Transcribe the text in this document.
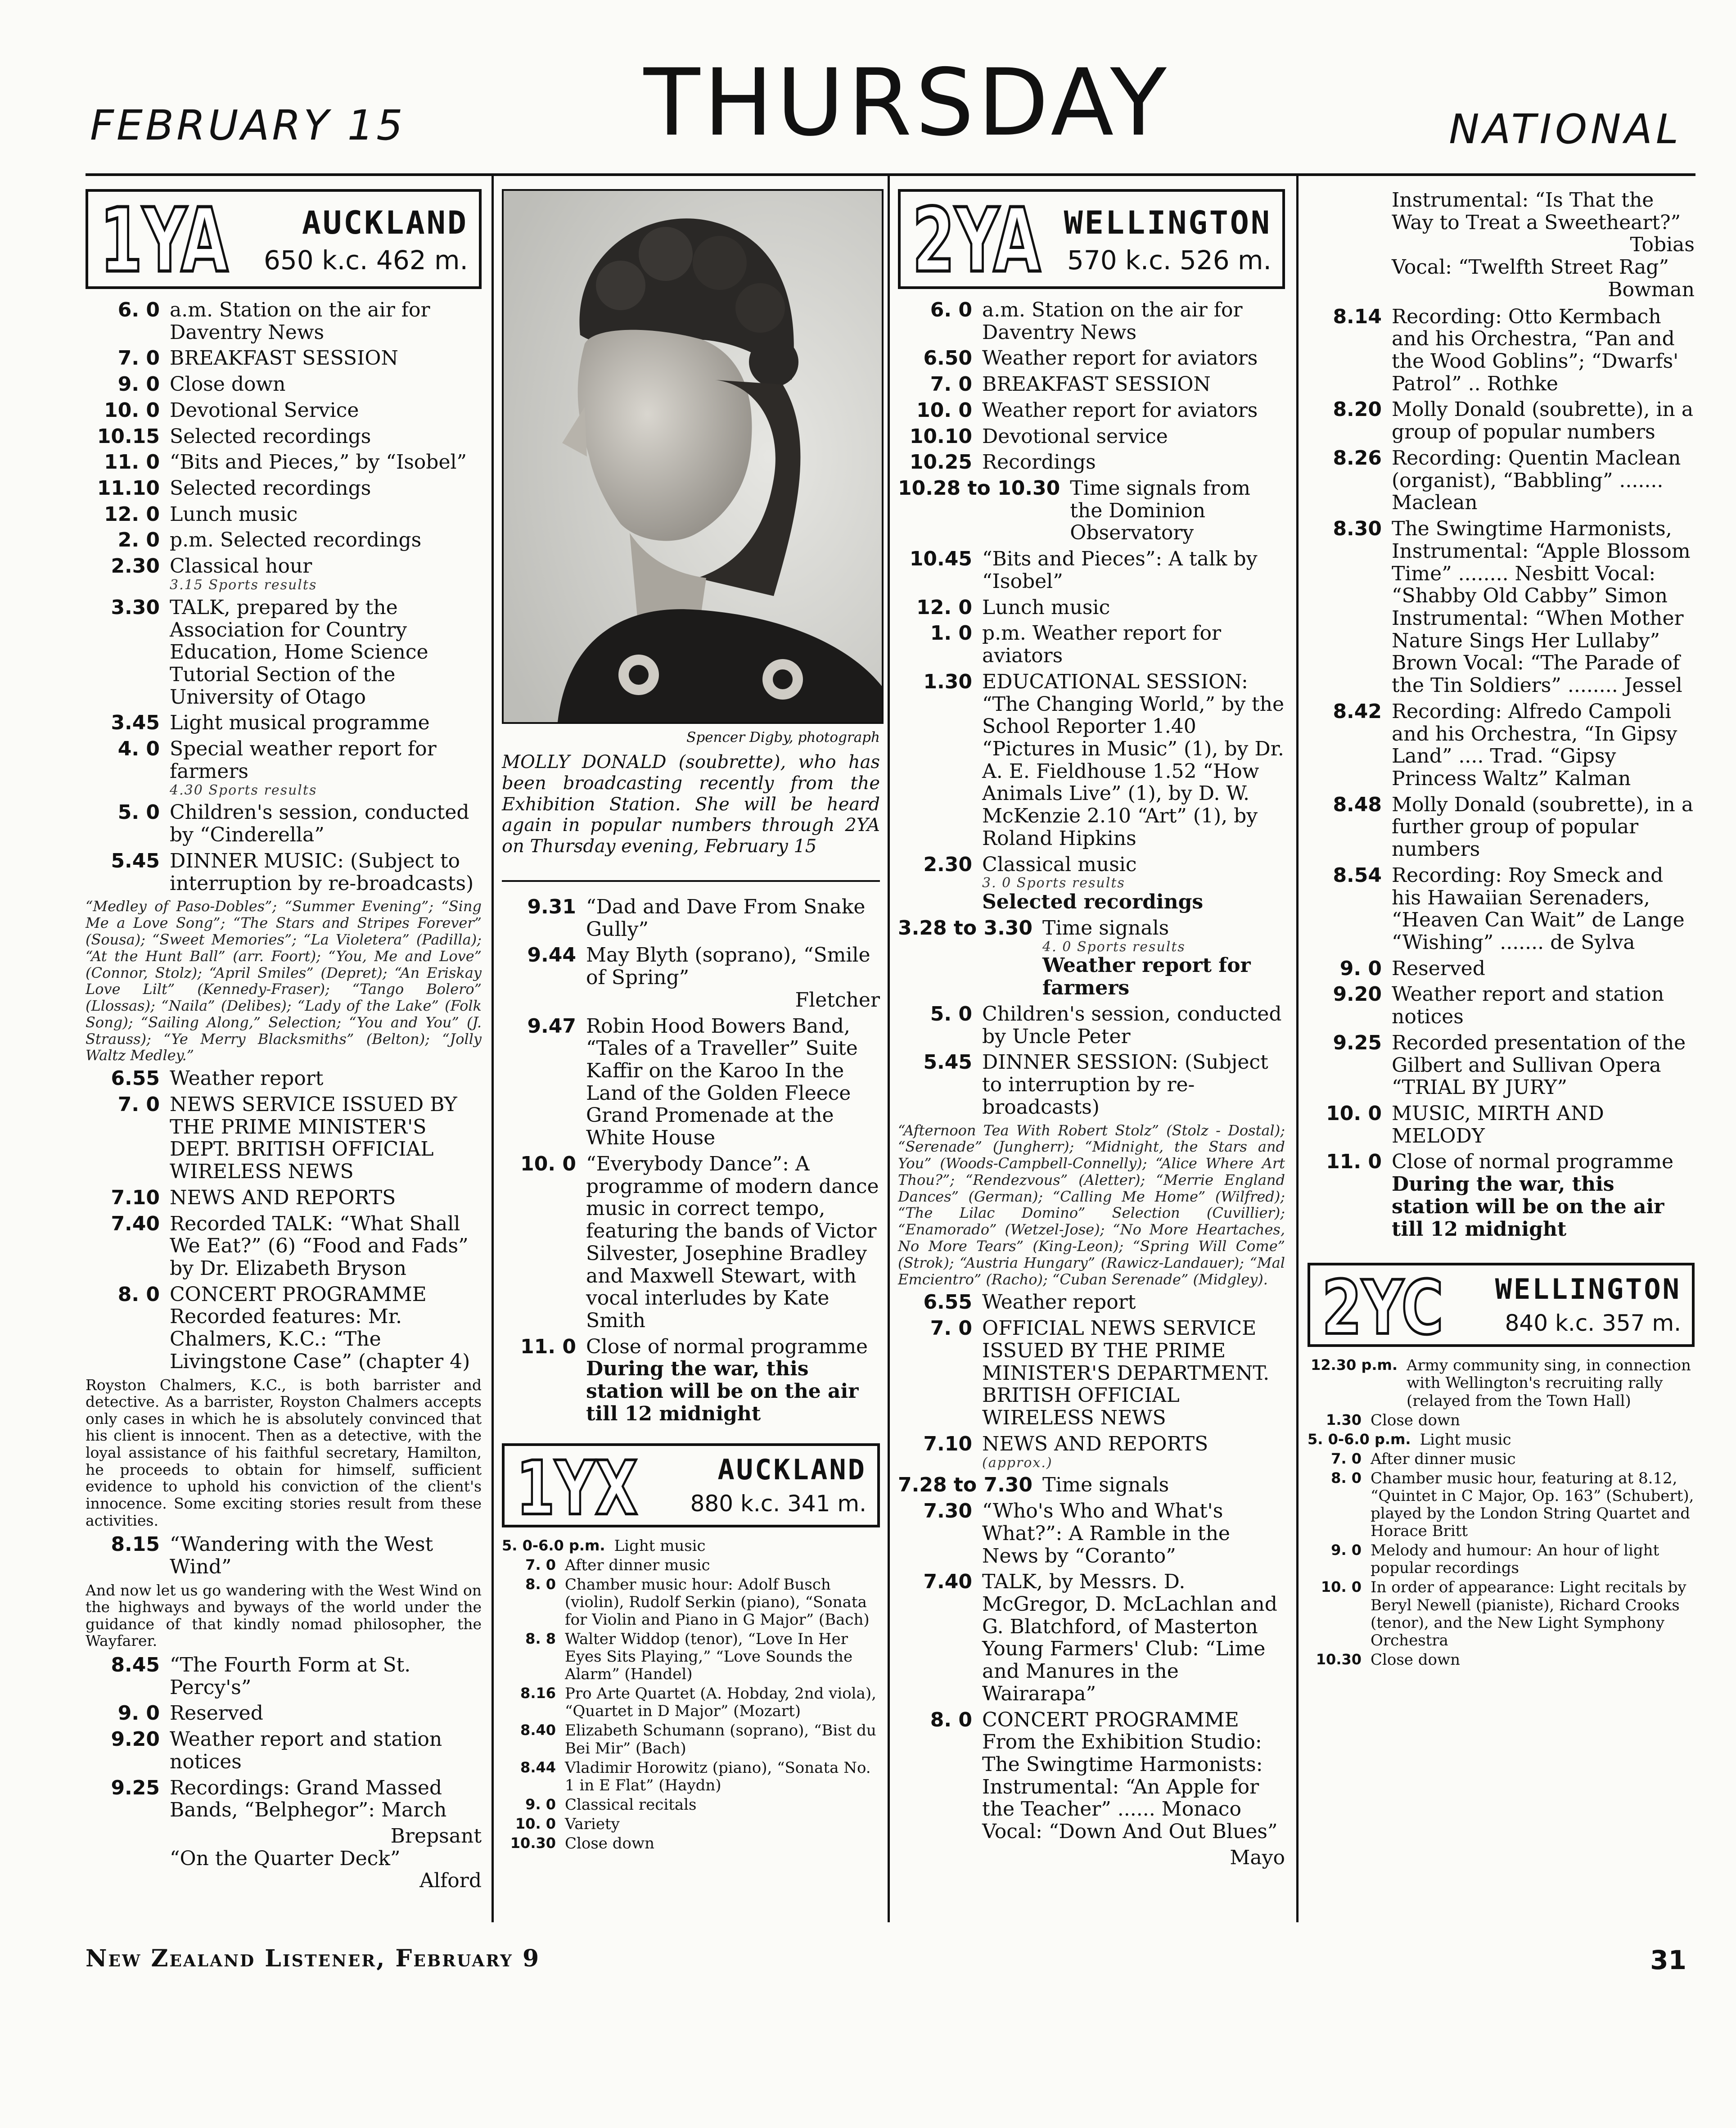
FEBRUARY 15	THURSDAY	NATIONAL
1YA AUCKLAND
650 k.c. 462 m.
6. 0 a.m. Station on the air for Daventry News
7. 0 BREAKFAST SESSION
9. 0 Close down
10. 0 Devotional Service
10.15 Selected recordings
11. 0 “Bits and Pieces,” by “Isobel”
11.10 Selected recordings
12. 0 Lunch music
2. 0 p.m. Selected recordings
2.30 Classical hour
3.15 Sports results
3.30 TALK, prepared by the Association for Country Education, Home Science Tutorial Section of the University of Otago
3.45 Light musical programme
4. 0 Special weather report for farmers
4.30 Sports results
5. 0 Children's session, conducted by “Cinderella”
5.45 DINNER MUSIC: (Subject to interruption by re-broadcasts)
“Medley of Paso-Dobles”; “Summer Evening”; “Sing Me a Love Song”; “The Stars and Stripes Forever” (Sousa); “Sweet Memories”; “La Violetera” (Padilla); “At the Hunt Ball” (arr. Foort); “You, Me and Love” (Connor, Stolz); “April Smiles” (Depret); “An Eriskay Love Lilt” (Kennedy-Fraser); “Tango Bolero” (Llossas); “Naila” (Delibes); “Lady of the Lake” (Folk Song); “Sailing Along,” Selection; “You and You” (J. Strauss); “Ye Merry Blacksmiths” (Belton); “Jolly Waltz Medley.”
6.55 Weather report
7. 0 NEWS SERVICE ISSUED BY THE PRIME MINISTER'S DEPT. BRITISH OFFICIAL WIRELESS NEWS
7.10 NEWS AND REPORTS
7.40 Recorded TALK: “What Shall We Eat?” (6) “Food and Fads” by Dr. Elizabeth Bryson
8. 0 CONCERT PROGRAMME Recorded features: Mr. Chalmers, K.C.: “The Livingstone Case” (chapter 4)
Royston Chalmers, K.C., is both barrister and detective. As a barrister, Royston Chalmers accepts only cases in which he is absolutely convinced that his client is innocent. Then as a detective, with the loyal assistance of his faithful secretary, Hamilton, he proceeds to obtain for himself, sufficient evidence to uphold his conviction of the client's innocence. Some exciting stories result from these activities.
8.15 “Wandering with the West Wind”
And now let us go wandering with the West Wind on the highways and byways of the world under the guidance of that kindly nomad philosopher, the Wayfarer.
8.45 “The Fourth Form at St. Percy's”
9. 0 Reserved
9.20 Weather report and station notices
9.25 Recordings: Grand Massed Bands, “Belphegor”: March
Brepsant
“On the Quarter Deck”
Alford
Spencer Digby, photograph
MOLLY DONALD (soubrette), who has been broadcasting recently from the Exhibition Station. She will be heard again in popular numbers through 2YA on Thursday evening, February 15
9.31 “Dad and Dave From Snake Gully”
9.44 May Blyth (soprano), “Smile of Spring”
Fletcher
9.47 Robin Hood Bowers Band, “Tales of a Traveller” Suite Kaffir on the Karoo In the Land of the Golden Fleece Grand Promenade at the White House
10. 0 “Everybody Dance”: A programme of modern dance music in correct tempo, featuring the bands of Victor Silvester, Josephine Bradley and Maxwell Stewart, with vocal interludes by Kate Smith
11. 0 Close of normal programme
During the war, this station will be on the air till 12 midnight
1YX	AUCKLAND
880 k.c. 341 m.
5. 0-6.0 p.m. Light music
7. 0 After dinner music
8. 0 Chamber music hour: Adolf Busch (violin), Rudolf Serkin (piano), “Sonata for Violin and Piano in G Major” (Bach)
8. 8 Walter Widdop (tenor), “Love In Her Eyes Sits Playing,” “Love Sounds the Alarm” (Handel)
8.16 Pro Arte Quartet (A. Hobday, 2nd viola), “Quartet in D Major” (Mozart)
8.40 Elizabeth Schumann (soprano), “Bist du Bei Mir” (Bach)
8.44 Vladimir Horowitz (piano), “Sonata No. 1 in E Flat” (Haydn)
9. 0 Classical recitals
10. 0 Variety
10.30 Close down
2YA WELLINGTON
570 k.c. 526 m.
6. 0 a.m. Station on the air for Daventry News
6.50 Weather report for aviators
7. 0 BREAKFAST SESSION
10. 0 Weather report for aviators
10.10 Devotional service
10.25 Recordings
10.28 to 10.30 Time signals from the Dominion Observatory
10.45 “Bits and Pieces”: A talk by “Isobel”
12. 0 Lunch music
1. 0 p.m. Weather report for aviators
1.30 EDUCATIONAL SESSION: “The Changing World,” by the School Reporter 1.40 “Pictures in Music” (1), by Dr. A. E. Fieldhouse 1.52 “How Animals Live” (1), by D. W. McKenzie 2.10 “Art” (1), by Roland Hipkins
2.30 Classical music
3. 0 Sports results
Selected recordings
3.28 to 3.30 Time signals
4. 0 Sports results
Weather report for farmers
5. 0 Children's session, conducted by Uncle Peter
5.45 DINNER SESSION: (Subject to interruption by re-broadcasts)
“Afternoon Tea With Robert Stolz” (Stolz - Dostal); “Serenade” (Jungherr); “Midnight, the Stars and You” (Woods-Campbell-Connelly); “Alice Where Art Thou?”; “Rendezvous” (Aletter); “Merrie England Dances” (German); “Calling Me Home” (Wilfred); “The Lilac Domino” Selection (Cuvillier); “Enamorado” (Wetzel-Jose); “No More Heartaches, No More Tears” (King-Leon); “Spring Will Come” (Strok); “Austria Hungary” (Rawicz-Landauer); “Mal Emcientro” (Racho); “Cuban Serenade” (Midgley).
6.55 Weather report
7. 0 OFFICIAL NEWS SERVICE ISSUED BY THE PRIME MINISTER'S DEPARTMENT. BRITISH OFFICIAL WIRELESS NEWS
7.10 NEWS AND REPORTS
(approx.)
7.28 to 7.30 Time signals
7.30 “Who's Who and What's What?”: A Ramble in the News by “Coranto”
7.40 TALK, by Messrs. D. McGregor, D. McLachlan and G. Blatchford, of Masterton Young Farmers' Club: “Lime and Manures in the Wairarapa”
8. 0 CONCERT PROGRAMME From the Exhibition Studio: The Swingtime Harmonists: Instrumental: “An Apple for the Teacher” ...... Monaco Vocal: “Down And Out Blues”
Mayo
Instrumental: “Is That the Way to Treat a Sweetheart?”
Tobias
Vocal: “Twelfth Street Rag”
Bowman
8.14 Recording: Otto Kermbach and his Orchestra, “Pan and the Wood Goblins”; “Dwarfs' Patrol” .. Rothke
8.20 Molly Donald (soubrette), in a group of popular numbers
8.26 Recording: Quentin Maclean (organist), “Babbling” ....... Maclean
8.30 The Swingtime Harmonists, Instrumental: “Apple Blossom Time” ........ Nesbitt Vocal: “Shabby Old Cabby” Simon Instrumental: “When Mother Nature Sings Her Lullaby” Brown Vocal: “The Parade of the Tin Soldiers” ........ Jessel
8.42 Recording: Alfredo Campoli and his Orchestra, “In Gipsy Land” .... Trad. “Gipsy Princess Waltz” Kalman
8.48 Molly Donald (soubrette), in a further group of popular numbers
8.54 Recording: Roy Smeck and his Hawaiian Serenaders, “Heaven Can Wait” de Lange “Wishing” ....... de Sylva
9. 0 Reserved
9.20 Weather report and station notices
9.25 Recorded presentation of the Gilbert and Sullivan Opera “TRIAL BY JURY”
10. 0 MUSIC, MIRTH AND MELODY
11. 0 Close of normal programme
During the war, this station will be on the air till 12 midnight
2YC WELLINGTON
840 k.c. 357 m.
12.30 p.m. Army community sing, in connection with Wellington's recruiting rally (relayed from the Town Hall)
1.30 Close down
5. 0-6.0 p.m. Light music
7. 0 After dinner music
8. 0 Chamber music hour, featuring at 8.12, “Quintet in C Major, Op. 163” (Schubert), played by the London String Quartet and Horace Britt
9. 0 Melody and humour: An hour of light popular recordings
10. 0 In order of appearance: Light recitals by Beryl Newell (pianiste), Richard Crooks (tenor), and the New Light Symphony Orchestra
10.30 Close down
New Zealand Listener, February 9	31
